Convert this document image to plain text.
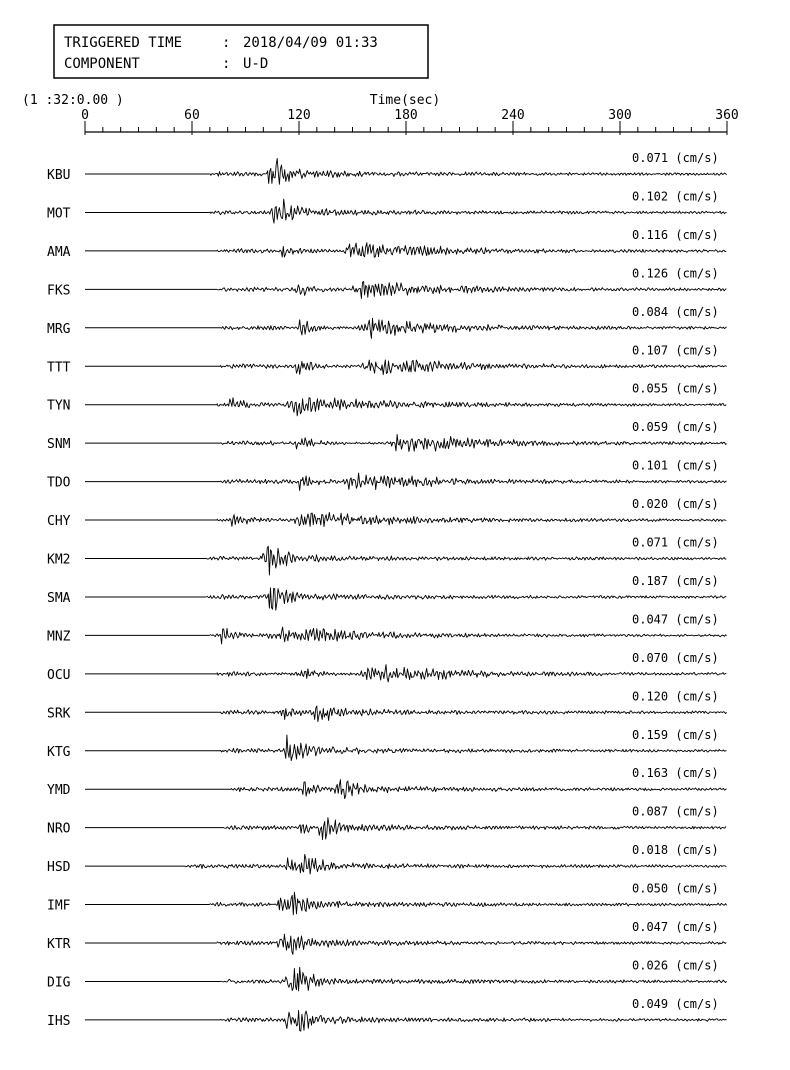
TRIGGERED TIME	: 2018/04/09 01:33
COMPONENT	: U-D
(1 :32:0.00 )	Time(sec)
0	60	120	180	240	300	360
KBU
0.071 (cm/s)
MOT
0.102 (cm/s)
AMA
0.116 (cm/s)
FKS
0.126 (cm/s)
MRG
0.084 (cm/s)
TTT
0.107 (cm/s)
TYN
0.055 (cm/s)
SNM
0.059 (cm/s)
TDO
0.101 (cm/s)
CHY
0.020 (cm/s)
KM2
0.071 (cm/s)
SMA
0.187 (cm/s)
MNZ
0.047 (cm/s)
OCU
0.070 (cm/s)
SRK
0.120 (cm/s)
KTG
0.159 (cm/s)
YMD
0.163 (cm/s)
NRO
0.087 (cm/s)
HSD
0.018 (cm/s)
IMF
0.050 (cm/s)
KTR
0.047 (cm/s)
DIG
0.026 (cm/s)
IHS
0.049 (cm/s)
